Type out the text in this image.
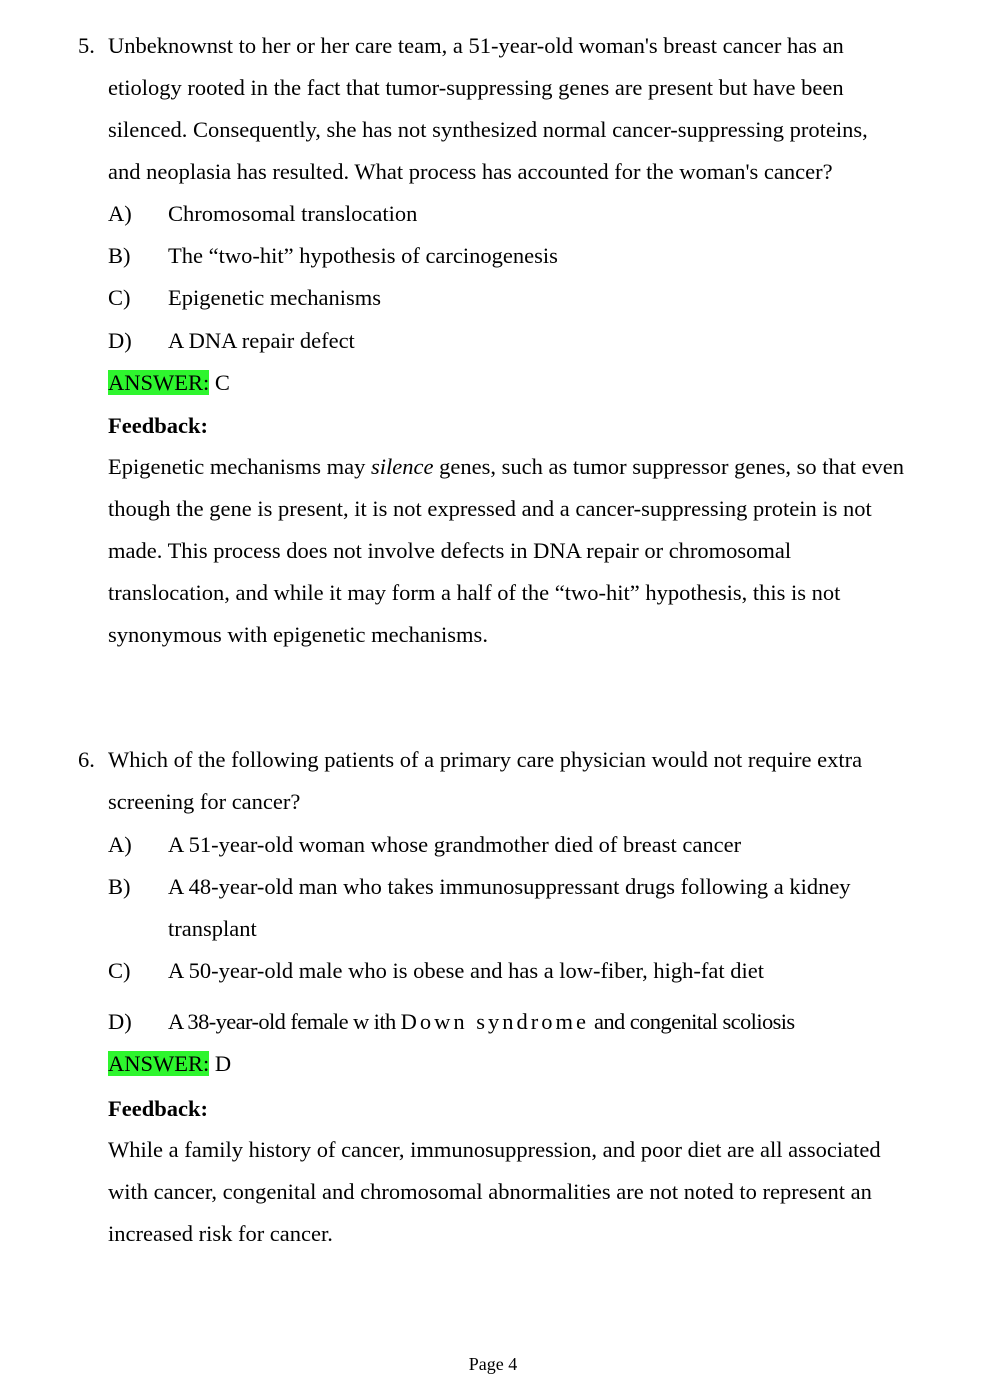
5. Unbeknownst to her or her care team, a 51-year-old woman's breast cancer has an
etiology rooted in the fact that tumor-suppressing genes are present but have been
silenced. Consequently, she has not synthesized normal cancer-suppressing proteins,
and neoplasia has resulted. What process has accounted for the woman's cancer?
A) Chromosomal translocation
B) The “two-hit” hypothesis of carcinogenesis
C) Epigenetic mechanisms
D) A DNA repair defect
ANSWER: C
Feedback:
Epigenetic mechanisms may silence genes, such as tumor suppressor genes, so that even
though the gene is present, it is not expressed and a cancer-suppressing protein is not
made. This process does not involve defects in DNA repair or chromosomal
translocation, and while it may form a half of the “two-hit” hypothesis, this is not
synonymous with epigenetic mechanisms.
6. Which of the following patients of a primary care physician would not require extra
screening for cancer?
A) A 51-year-old woman whose grandmother died of breast cancer
B) A 48-year-old man who takes immunosuppressant drugs following a kidney
transplant
C) A 50-year-old male who is obese and has a low-fiber, high-fat diet
D) A 38-year-old female w ith Down syndrome and congenital scoliosis
ANSWER: D
Feedback:
While a family history of cancer, immunosuppression, and poor diet are all associated
with cancer, congenital and chromosomal abnormalities are not noted to represent an
increased risk for cancer.
Page 4
